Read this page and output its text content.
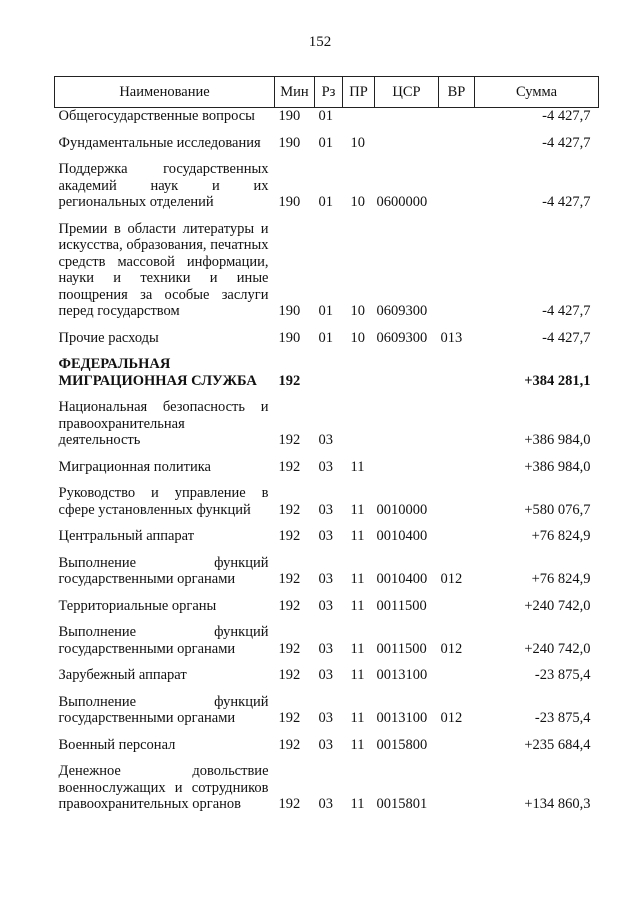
152
Наименование	Мин	Рз	ПР	ЦСР	ВР	Сумма
Общегосударственные вопросы	190	01				-4 427,7
Фундаментальные исследования	190	01	10			-4 427,7
Поддержка государственных академий наук и их региональных отделений	190	01	10	0600000		-4 427,7
Премии в области литературы и искусства, образования, печатных средств массовой информации, науки и техники и иные поощрения за особые заслуги перед государством	190	01	10	0609300		-4 427,7
Прочие расходы	190	01	10	0609300	013	-4 427,7
ФЕДЕРАЛЬНАЯ МИГРАЦИОННАЯ СЛУЖБА	192					+384 281,1
Национальная безопасность и правоохранительная деятельность	192	03				+386 984,0
Миграционная политика	192	03	11			+386 984,0
Руководство и управление в сфере установленных функций	192	03	11	0010000		+580 076,7
Центральный аппарат	192	03	11	0010400		+76 824,9
Выполнение функций государственными органами	192	03	11	0010400	012	+76 824,9
Территориальные органы	192	03	11	0011500		+240 742,0
Выполнение функций государственными органами	192	03	11	0011500	012	+240 742,0
Зарубежный аппарат	192	03	11	0013100		-23 875,4
Выполнение функций государственными органами	192	03	11	0013100	012	-23 875,4
Военный персонал	192	03	11	0015800		+235 684,4
Денежное довольствие военнослужащих и сотрудников правоохранительных органов	192	03	11	0015801		+134 860,3
